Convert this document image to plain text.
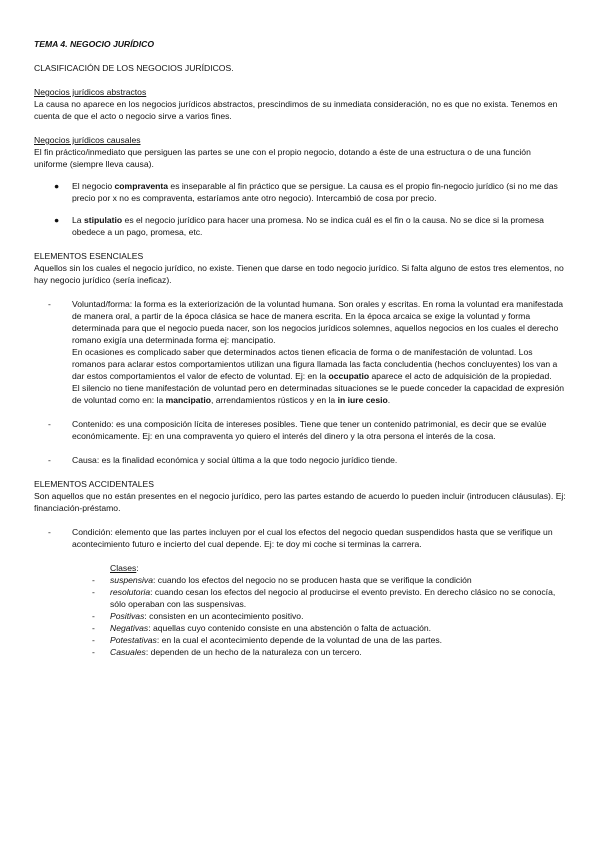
TEMA 4. NEGOCIO JURÍDICO

CLASIFICACIÓN DE LOS NEGOCIOS JURÍDICOS.

Negocios jurídicos abstractos

La causa no aparece en los negocios jurídicos abstractos, prescindimos de su inmediata consideración, no es que no exista. Tenemos en cuenta de que el acto o negocio sirve a varios fines.

Negocios jurídicos causales

El fin práctico/inmediato que persiguen las partes se une con el propio negocio, dotando a éste de una estructura o de una función uniforme (siempre lleva causa).

● El negocio compraventa es inseparable al fin práctico que se persigue. La causa es el propio fin-negocio jurídico (si no me das precio por x no es compraventa, estaríamos ante otro negocio). Intercambió de cosa por precio.
● La stipulatio es el negocio jurídico para hacer una promesa. No se indica cuál es el fin o la causa. No se dice si la promesa obedece a un pago, promesa, etc.

ELEMENTOS ESENCIALES

Aquellos sin los cuales el negocio jurídico, no existe. Tienen que darse en todo negocio jurídico. Si falta alguno de estos tres elementos, no hay negocio jurídico (sería ineficaz).

- Voluntad/forma: la forma es la exteriorización de la voluntad humana. Son orales y escritas. En roma la voluntad era manifestada de manera oral, a partir de la época clásica se hace de manera escrita. En la época arcaica se exige la voluntad y forma determinada para que el negocio pueda nacer, son los negocios jurídicos solemnes, aquellos negocios en los cuales el derecho romano exigía una determinada forma ej: mancipatio.

En ocasiones es complicado saber que determinados actos tienen eficacia de forma o de manifestación de voluntad. Los romanos para aclarar estos comportamientos utilizan una figura llamada las facta concludentia (hechos concluyentes) los van a dar estos comportamientos el valor de efecto de voluntad. Ej: en la occupatio aparece el acto de adquisición de la propiedad.

El silencio no tiene manifestación de voluntad pero en determinadas situaciones se le puede conceder la capacidad de expresión de voluntad como en: la mancipatio, arrendamientos rústicos y en la in iure cesio.

- Contenido: es una composición lícita de intereses posibles. Tiene que tener un contenido patrimonial, es decir que se evalúe económicamente. Ej: en una compraventa yo quiero el interés del dinero y la otra persona el interés de la cosa.

- Causa: es la finalidad económica y social última a la que todo negocio jurídico tiende.

ELEMENTOS ACCIDENTALES

Son aquellos que no están presentes en el negocio jurídico, pero las partes estando de acuerdo lo pueden incluir (introducen cláusulas). Ej: financiación-préstamo.

- Condición: elemento que las partes incluyen por el cual los efectos del negocio quedan suspendidos hasta que se verifique un acontecimiento futuro e incierto del cual depende. Ej: te doy mi coche si terminas la carrera.

Clases:
- suspensiva: cuando los efectos del negocio no se producen hasta que se verifique la condición
- resolutoria: cuando cesan los efectos del negocio al producirse el evento previsto. En derecho clásico no se conocía, sólo operaban con las suspensivas.
- Positivas: consisten en un acontecimiento positivo.
- Negativas: aquellas cuyo contenido consiste en una abstención o falta de actuación.
- Potestativas: en la cual el acontecimiento depende de la voluntad de una de las partes.
- Casuales: dependen de un hecho de la naturaleza con un tercero.
